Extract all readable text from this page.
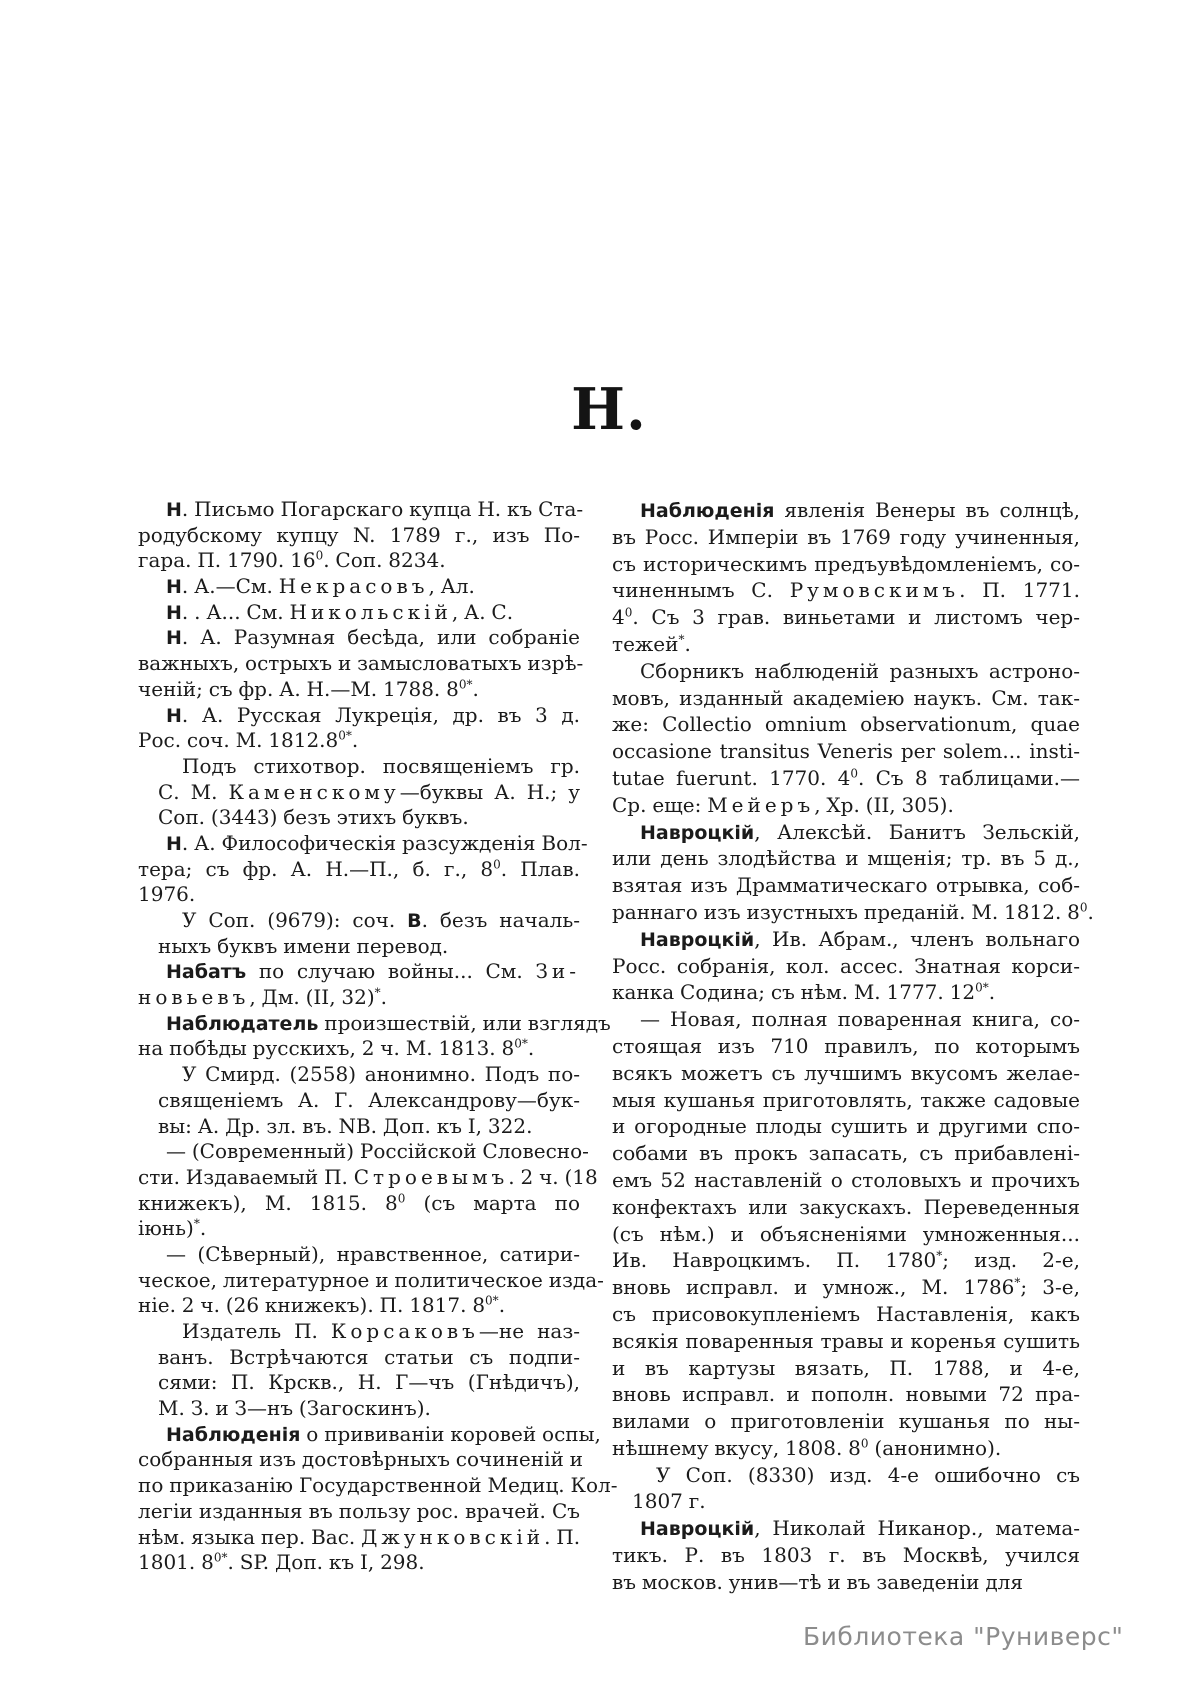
Н.
Н. Письмо Погарскаго купца Н. къ Ста-
родубскому купцу N. 1789 г., изъ По-
гара. П. 1790. $16^0$. Соп. 8234.
Н. А.—См. Некрасовъ, Ал.
Н. . А... См. Никольскій, А. С.
Н. А. Разумная бесѣда, или собраніе
важныхъ, острыхъ и замысловатыхъ изрѣ-
ченій; съ фр. А. Н.—М. 1788. $8^{0*}$.
Н. А. Русская Лукреція, др. въ 3 д.
Рос. соч. М. $1812.8^{0*}$.
Подъ стихотвор. посвященіемъ гр.
С. М. Каменскому—буквы А. Н.; у
Соп. (3443) безъ этихъ буквъ.
Н. А. Философическія разсужденія Вол-
тера; съ фр. А. Н.—П., б. г., $8^0$. Плав.
1976.
У Соп. (9679): соч. В. безъ началь-
ныхъ буквъ имени перевод.
Набатъ по случаю войны... См. Зи-
новьевъ, Дм. (II, 32)*.
Наблюдатель произшествій, или взглядъ
на побѣды русскихъ, 2 ч. М. 1813. $8^{0*}$.
У Смирд. (2558) анонимно. Подъ по-
священіемъ А. Г. Александрову—бук-
вы: А. Др. зл. въ. NB. Доп. къ I, 322.
— (Современный) Россійской Словесно-
сти. Издаваемый П. Строевымъ. 2 ч. (18
книжекъ), М. 1815. $8^0$ (съ марта по
іюнь)*.
— (Сѣверный), нравственное, сатири-
ческое, литературное и политическое изда-
ніе. 2 ч. (26 книжекъ). П. 1817. $8^{0*}$.
Издатель П. Корсаковъ—не наз-
ванъ. Встрѣчаются статьи съ подпи-
сями: П. Крскв., Н. Г—чъ (Гнѣдичъ),
М. З. и З—нъ (Загоскинъ).
Наблюденія о прививаніи коровей оспы,
собранныя изъ достовѣрныхъ сочиненій и
по приказанію Государственной Медиц. Кол-
легіи изданныя въ пользу рос. врачей. Съ
нѣм. языка пер. Вас. Джунковскій. П.
1801. $8^{0*}$. SP. Доп. къ I, 298.
Наблюденія явленія Венеры въ солнцѣ,
въ Росс. Имперіи въ 1769 году учиненныя,
съ историческимъ предъувѣдомленіемъ, со-
чиненнымъ С. Румовскимъ. П. 1771.
$4^0$. Съ 3 грав. виньетами и листомъ чер-
тежей*.
Сборникъ наблюденій разныхъ астроно-
мовъ, изданный академіею наукъ. См. так-
же: Collectio omnium observationum, quae
occasione transitus Veneris per solem... insti-
tutae fuerunt. 1770. $4^0$. Съ 8 таблицами.—
Ср. еще: Мейеръ, Хр. (II, 305).
Навроцкій, Алексѣй. Банитъ Зельскій,
или день злодѣйства и мщенія; тр. въ 5 д.,
взятая изъ Драмматическаго отрывка, соб-
раннаго изъ изустныхъ преданій. М. 1812. $8^0$.
Навроцкій, Ив. Абрам., членъ вольнаго
Росс. собранія, кол. ассес. Знатная корси-
канка Содина; съ нѣм. М. 1777. $12^{0*}$.
— Новая, полная поваренная книга, со-
стоящая изъ 710 правилъ, по которымъ
всякъ можетъ съ лучшимъ вкусомъ желае-
мыя кушанья приготовлять, также садовые
и огородные плоды сушить и другими спо-
собами въ прокъ запасать, съ прибавлені-
емъ 52 наставленій о столовыхъ и прочихъ
конфектахъ или закускахъ. Переведенныя
(съ нѣм.) и объясненіями умноженныя...
Ив. Навроцкимъ. П. 1780*; изд. 2-е,
вновь исправл. и умнож., М. 1786*; 3-е,
съ присовокупленіемъ Наставленія, какъ
всякія поваренныя травы и коренья сушить
и въ картузы вязать, П. 1788, и 4-е,
вновь исправл. и пополн. новыми 72 пра-
вилами о приготовленіи кушанья по ны-
нѣшнему вкусу, 1808. $8^0$ (анонимно).
У Соп. (8330) изд. 4-е ошибочно съ
1807 г.
Навроцкій, Николай Никанор., матема-
тикъ. Р. въ 1803 г. въ Москвѣ, учился
въ москов. унив—тѣ и въ заведеніи для
Библиотека "Руниверс"
